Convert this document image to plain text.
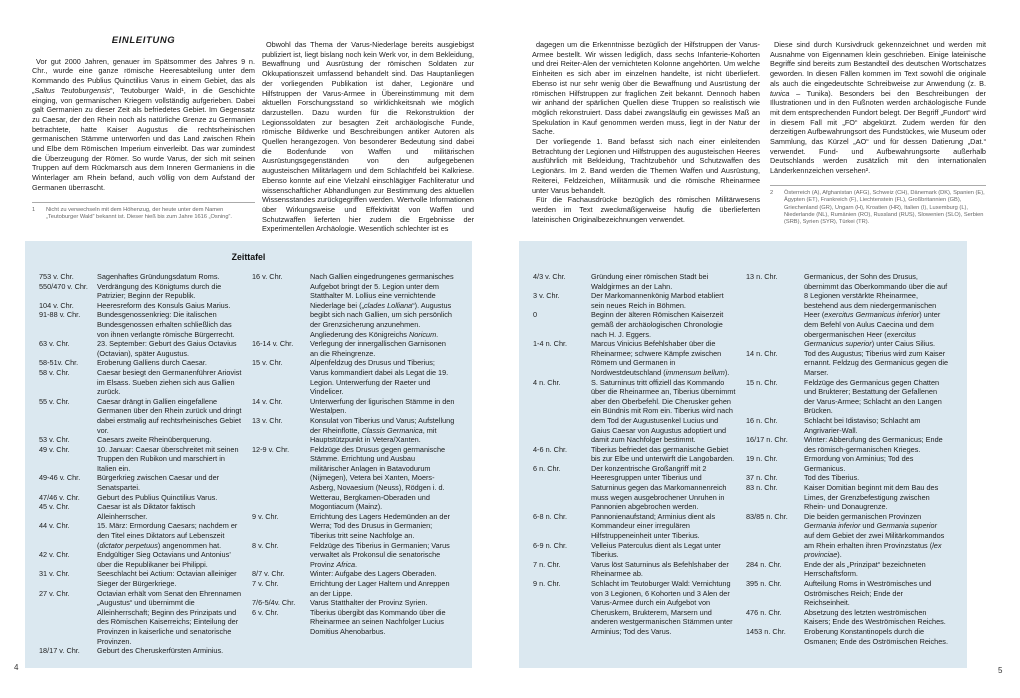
EINLEITUNG

Vor gut 2000 Jahren, genauer im Spätsommer des Jahres 9 n. Chr., wurde eine ganze römische Heeresabteilung unter dem Kommando des Publius Quinctilius Varus in einem Gebiet, das als „Saltus Teutoburgensis“, Teutoburger Wald¹, in die Geschichte einging, von germanischen Kriegern vollständig aufgerieben. Dabei galt Germanien zu dieser Zeit als befriedetes Gebiet. Im Gegensatz zu Caesar, der den Rhein noch als natürliche Grenze zu Germanien betrachtete, hatte Kaiser Augustus die rechtsrheinischen germanischen Stämme unterworfen und das Land zwischen Rhein und Elbe dem Römischen Imperium einverleibt. Das war zumindest die Überzeugung der Römer. So wurde Varus, der sich mit seinen Truppen auf dem Rückmarsch aus dem Inneren Germaniens in die Winterlager am Rhein befand, auch völlig von dem Aufstand der Germanen überrascht.

1	Nicht zu verwechseln mit dem Höhenzug, der heute unter dem Namen „Teutoburger Wald“ bekannt ist. Dieser hieß bis zum Jahre 1616 „Osning“.

Obwohl das Thema der Varus-Niederlage bereits ausgiebigst publiziert ist, liegt bislang noch kein Werk vor, in dem Bekleidung, Bewaffnung und Ausrüstung der römischen Soldaten zur Okkupationszeit umfassend behandelt sind. Das Hauptanliegen der vorliegenden Publikation ist daher, Legionäre und Hilfstruppen der Varus-Armee in Übereinstimmung mit dem aktuellen Forschungsstand so wirklichkeitsnah wie möglich darzustellen. Dazu wurden für die Rekonstruktion der Legionssoldaten zur besagten Zeit archäologische Funde, römische Bildwerke und Beschreibungen antiker Autoren als Quellen herangezogen. Von besonderer Bedeutung sind dabei die Bodenfunde von Waffen und militärischen Ausrüstungsgegenständen von den aufgegebenen augusteischen Militärlagern und dem Schlachtfeld bei Kalkriese. Ebenso konnte auf eine Vielzahl einschlägiger Fachliteratur und wissenschaftlicher Abhandlungen zur Bestimmung des aktuellen Wissensstandes zurückgegriffen werden. Wertvolle Informationen über Wirkungsweise und Effektivität von Waffen und Schutzwaffen lieferten hier zudem die Ergebnisse der Experimentellen Archäologie. Wesentlich schlechter ist es

dagegen um die Erkenntnisse bezüglich der Hilfstruppen der Varus-Armee bestellt. Wir wissen lediglich, dass sechs Infanterie-Kohorten und drei Reiter-Alen der vernichteten Kolonne angehörten. Um welche Einheiten es sich aber im einzelnen handelte, ist nicht überliefert. Ebenso ist nur sehr wenig über die Bewaffnung und Ausrüstung der römischen Hilfstruppen zur fraglichen Zeit bekannt. Dennoch haben wir anhand der spärlichen Quellen diese Truppen so realistisch wie möglich rekonstruiert. Dass dabei zwangsläufig ein gewisses Maß an Spekulation in Kauf genommen werden muss, liegt in der Natur der Sache.

Der vorliegende 1. Band befasst sich nach einer einleitenden Betrachtung der Legionen und Hilfstruppen des augusteischen Heeres ausführlich mit Bekleidung, Trachtzubehör und Schutzwaffen des Legionärs. Im 2. Band werden die Themen Waffen und Ausrüstung, Reiterei, Feldzeichen, Militärmusik und die römische Rheinarmee unter Varus behandelt.

Für die Fachausdrücke bezüglich des römischen Militärwesens werden im Text zweckmäßigerweise häufig die überlieferten lateinischen Originalbezeichnungen verwendet.

Diese sind durch Kursivdruck gekennzeichnet und werden mit Ausnahme von Eigennamen klein geschrieben. Einige lateinische Begriffe sind bereits zum Bestandteil des deutschen Wortschatzes geworden. In diesen Fällen kommen im Text sowohl die originale als auch die eingedeutschte Schreibweise zur Anwendung (z. B. tunica – Tunika). Besonders bei den Beschreibungen der Illustrationen und in den Fußnoten werden archäologische Funde mit dem entsprechenden Fundort belegt. Der Begriff „Fundort“ wird in diesem Fall mit „FO“ abgekürzt. Zudem werden für den derzeitigen Aufbewahrungsort des Fundstückes, wie Museum oder Sammlung, das Kürzel „AO“ und für dessen Datierung „Dat.“ verwendet. Fund- und Aufbewahrungsorte außerhalb Deutschlands werden zusätzlich mit den internationalen Länderkennzeichen versehen².

2	Österreich (A), Afghanistan (AFG), Schweiz (CH), Dänemark (DK), Spanien (E), Ägypten (ET), Frankreich (F), Liechtenstein (FL), Großbritannien (GB), Griechenland (GR), Ungarn (H), Kroatien (HR), Italien (I), Luxemburg (L), Niederlande (NL), Rumänien (RO), Russland (RUS), Slowenien (SLO), Serbien (SRB), Syrien (SYR), Türkei (TR).
Zeittafel
753 v. Chr.	Sagenhaftes Gründungsdatum Roms.
550/470 v. Chr.	Verdrängung des Königtums durch die Patrizier; Beginn der Republik.
104 v. Chr.	Heeresreform des Konsuls Gaius Marius.
91-88 v. Chr.	Bundesgenossenkrieg: Die italischen Bundesgenossen erhalten schließlich das von ihnen verlangte römische Bürgerrecht.
63 v. Chr.	23. September: Geburt des Gaius Octavius (Octavian), später Augustus.
58-51v. Chr.	Eroberung Galliens durch Caesar.
58 v. Chr.	Caesar besiegt den Germanenführer Ariovist im Elsass. Sueben ziehen sich aus Gallien zurück.
55 v. Chr.	Caesar drängt in Gallien eingefallene Germanen über den Rhein zurück und dringt dabei erstmalig auf rechtsrheinisches Gebiet vor.
53 v. Chr.	Caesars zweite Rheinüberquerung.
49 v. Chr.	10. Januar: Caesar überschreitet mit seinen Truppen den Rubikon und marschiert in Italien ein.
49-46 v. Chr.	Bürgerkrieg zwischen Caesar und der Senatspartei.
47/46 v. Chr.	Geburt des Publius Quinctilius Varus.
45 v. Chr.	Caesar ist als Diktator faktisch Alleinherrscher.
44 v. Chr.	15. März: Ermordung Caesars; nachdem er den Titel eines Diktators auf Lebenszeit (dictator perpetuus) angenommen hat.
42 v. Chr.	Endgültiger Sieg Octavians und Antonius’ über die Republikaner bei Philippi.
31 v. Chr.	Seeschlacht bei Actium: Octavian alleiniger Sieger der Bürgerkriege.
27 v. Chr.	Octavian erhält vom Senat den Ehrennamen „Augustus“ und übernimmt die Alleinherrschaft; Beginn des Prinzipats und des Römischen Kaiserreichs; Einteilung der Provinzen in kaiserliche und senatorische Provinzen.
18/17 v. Chr.	Geburt des Cheruskerfürsten Arminius.
16 v. Chr.	Nach Gallien eingedrungenes germanisches Aufgebot bringt der 5. Legion unter dem Statthalter M. Lollius eine vernichtende Niederlage bei („clades Lolliana“). Augustus begibt sich nach Gallien, um sich persönlich der Grenzsicherung anzunehmen. Angliederung des Königreichs Noricum.
16-14 v. Chr.	Verlegung der innergallischen Garnisonen an die Rheingrenze.
15 v. Chr.	Alpenfeldzug des Drusus und Tiberius; Varus kommandiert dabei als Legat die 19. Legion. Unterwerfung der Raeter und Vindelicer.
14 v. Chr.	Unterwerfung der ligurischen Stämme in den Westalpen.
13 v. Chr.	Konsulat von Tiberius und Varus; Aufstellung der Rheinflotte, Classis Germanica, mit Hauptstützpunkt in Vetera/Xanten.
12-9 v. Chr.	Feldzüge des Drusus gegen germanische Stämme. Errichtung und Ausbau militärischer Anlagen in Batavodurum (Nijmegen), Vetera bei Xanten, Moers-Asberg, Novaesium (Neuss), Rödgen i. d. Wetterau, Bergkamen-Oberaden und Mogontiacum (Mainz).
9 v. Chr.	Errichtung des Lagers Hedemünden an der Werra; Tod des Drusus in Germanien; Tiberius tritt seine Nachfolge an.
8 v. Chr.	Feldzüge des Tiberius in Germanien; Varus verwaltet als Prokonsul die senatorische Provinz Africa.
8/7 v. Chr.	Winter: Aufgabe des Lagers Oberaden.
7 v. Chr.	Errichtung der Lager Haltern und Anreppen an der Lippe.
7/6-5/4v. Chr.	Varus Statthalter der Provinz Syrien.
6 v. Chr.	Tiberius übergibt das Kommando über die Rheinarmee an seinen Nachfolger Lucius Domitius Ahenobarbus.
4/3 v. Chr.	Gründung einer römischen Stadt bei Waldgirmes an der Lahn.
3 v. Chr.	Der Markomannenkönig Marbod etabliert sein neues Reich in Böhmen.
0	Beginn der älteren Römischen Kaiserzeit gemäß der archäologischen Chronologie nach H. J. Eggers.
1-4 n. Chr.	Marcus Vinicius Befehlshaber über die Rheinarmee; schwere Kämpfe zwischen Römern und Germanen in Nordwestdeutschland (immensum bellum).
4 n. Chr.	S. Saturninus tritt offiziell das Kommando über die Rheinarmee an, Tiberius übernimmt aber den Oberbefehl. Die Cherusker gehen ein Bündnis mit Rom ein. Tiberius wird nach dem Tod der Augustusenkel Lucius und Gaius Caesar von Augustus adoptiert und damit zum Nachfolger bestimmt.
4-6 n. Chr.	Tiberius befriedet das germanische Gebiet bis zur Elbe und unterwirft die Langobarden.
6 n. Chr.	Der konzentrische Großangriff mit 2 Heeresgruppen unter Tiberius und Saturninus gegen das Markomannenreich muss wegen ausgebrochener Unruhen in Pannonien abgebrochen werden.
6-8 n. Chr.	Pannonienaufstand; Arminius dient als Kommandeur einer irregulären Hilfstruppeneinheit unter Tiberius.
6-9 n. Chr.	Velleius Paterculus dient als Legat unter Tiberius.
7 n. Chr.	Varus löst Saturninus als Befehlshaber der Rheinarmee ab.
9 n. Chr.	Schlacht im Teutoburger Wald: Vernichtung von 3 Legionen, 6 Kohorten und 3 Alen der Varus-Armee durch ein Aufgebot von Cheruskern, Brukterern, Marsern und anderen westgermanischen Stämmen unter Arminius; Tod des Varus.
13 n. Chr.	Germanicus, der Sohn des Drusus, übernimmt das Oberkommando über die auf 8 Legionen verstärkte Rheinarmee, bestehend aus dem niedergermanischen Heer (exercitus Germanicus inferior) unter dem Befehl von Aulus Caecina und dem obergermanischen Heer (exercitus Germanicus superior) unter Caius Silius.
14 n. Chr.	Tod des Augustus; Tiberius wird zum Kaiser ernannt. Feldzug des Germanicus gegen die Marser.
15 n. Chr.	Feldzüge des Germanicus gegen Chatten und Brukterer; Bestattung der Gefallenen der Varus-Armee; Schlacht an den Langen Brücken.
16 n. Chr.	Schlacht bei Idistaviso; Schlacht am Angrivarier-Wall.
16/17 n. Chr.	Winter: Abberufung des Germanicus; Ende des römisch-germanischen Krieges.
19 n. Chr.	Ermordung von Arminius; Tod des Germanicus.
37 n. Chr.	Tod des Tiberius.
83 n. Chr.	Kaiser Domitian beginnt mit dem Bau des Limes, der Grenzbefestigung zwischen Rhein- und Donaugrenze.
83/85 n. Chr.	Die beiden germanischen Provinzen Germania inferior und Germania superior auf dem Gebiet der zwei Militärkommandos am Rhein erhalten ihren Provinzstatus (lex provinciae).
284 n. Chr.	Ende der als „Prinzipat“ bezeichneten Herrschaftsform.
395 n. Chr.	Aufteilung Roms in Weströmisches und Oströmisches Reich; Ende der Reichseinheit.
476 n. Chr.	Absetzung des letzten weströmischen Kaisers; Ende des Weströmischen Reiches.
1453 n. Chr.	Eroberung Konstantinopels durch die Osmanen; Ende des Oströmischen Reiches.
4	5
